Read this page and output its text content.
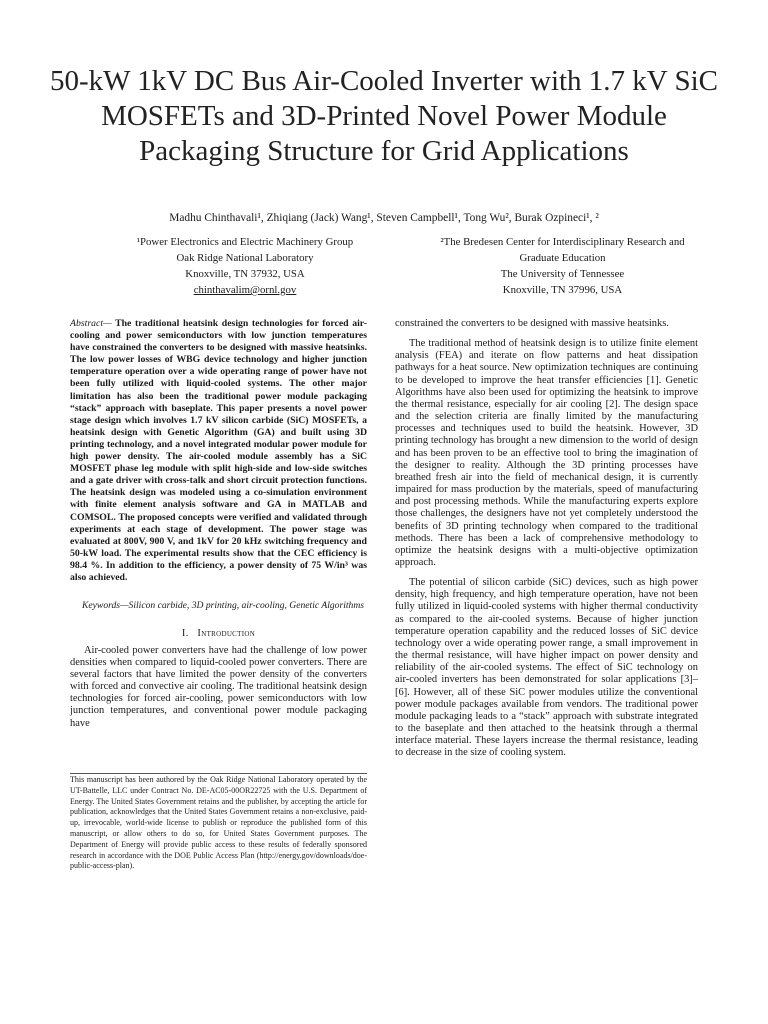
50-kW 1kV DC Bus Air-Cooled Inverter with 1.7 kV SiC MOSFETs and 3D-Printed Novel Power Module Packaging Structure for Grid Applications
Madhu Chinthavali¹, Zhiqiang (Jack) Wang¹, Steven Campbell¹, Tong Wu², Burak Ozpineci¹, ²
¹Power Electronics and Electric Machinery Group
Oak Ridge National Laboratory
Knoxville, TN 37932, USA
chinthavalim@ornl.gov
²The Bredesen Center for Interdisciplinary Research and
Graduate Education
The University of Tennessee
Knoxville, TN 37996, USA

Abstract— The traditional heatsink design technologies for forced air-cooling and power semiconductors with low junction temperatures have constrained the converters to be designed with massive heatsinks. The low power losses of WBG device technology and higher junction temperature operation over a wide operating range of power have not been fully utilized with liquid-cooled systems. The other major limitation has also been the traditional power module packaging “stack” approach with baseplate. This paper presents a novel power stage design which involves 1.7 kV silicon carbide (SiC) MOSFETs, a heatsink design with Genetic Algorithm (GA) and built using 3D printing technology, and a novel integrated modular power module for high power density. The air-cooled module assembly has a SiC MOSFET phase leg module with split high-side and low-side switches and a gate driver with cross-talk and short circuit protection functions. The heatsink design was modeled using a co-simulation environment with finite element analysis software and GA in MATLAB and COMSOL. The proposed concepts were verified and validated through experiments at each stage of development. The power stage was evaluated at 800V, 900 V, and 1kV for 20 kHz switching frequency and 50-kW load. The experimental results show that the CEC efficiency is 98.4 %. In addition to the efficiency, a power density of 75 W/in³ was also achieved.

Keywords—Silicon carbide, 3D printing, air-cooling, Genetic Algorithms
I. Introduction

Air-cooled power converters have had the challenge of low power densities when compared to liquid-cooled power converters. There are several factors that have limited the power density of the converters with forced and convective air cooling. The traditional heatsink design technologies for forced air-cooling, power semiconductors with low junction temperatures, and conventional power module packaging have

This manuscript has been authored by the Oak Ridge National Laboratory operated by the UT-Battelle, LLC under Contract No. DE-AC05-00OR22725 with the U.S. Department of Energy. The United States Government retains and the publisher, by accepting the article for publication, acknowledges that the United States Government retains a non-exclusive, paid-up, irrevocable, world-wide license to publish or reproduce the published form of this manuscript, or allow others to do so, for United States Government purposes. The Department of Energy will provide public access to these results of federally sponsored research in accordance with the DOE Public Access Plan (http://energy.gov/downloads/doe-public-access-plan).

constrained the converters to be designed with massive heatsinks.

The traditional method of heatsink design is to utilize finite element analysis (FEA) and iterate on flow patterns and heat dissipation pathways for a heat source. New optimization techniques are continuing to be developed to improve the heat transfer efficiencies [1]. Genetic Algorithms have also been used for optimizing the heatsink to improve the thermal resistance, especially for air cooling [2]. The design space and the selection criteria are finally limited by the manufacturing processes and techniques used to build the heatsink. However, 3D printing technology has brought a new dimension to the world of design and has been proven to be an effective tool to bring the imagination of the designer to reality. Although the 3D printing processes have breathed fresh air into the field of mechanical design, it is currently impaired for mass production by the materials, speed of manufacturing and post processing methods. While the manufacturing experts explore those challenges, the designers have not yet completely understood the benefits of 3D printing technology when compared to the traditional methods. There has been a lack of comprehensive methodology to optimize the heatsink designs with a multi-objective optimization approach.

The potential of silicon carbide (SiC) devices, such as high power density, high frequency, and high temperature operation, have not been fully utilized in liquid-cooled systems with higher thermal conductivity as compared to the air-cooled systems. Because of higher junction temperature operation capability and the reduced losses of SiC device technology over a wide operating power range, a small improvement in the thermal resistance, will have higher impact on power density and reliability of the air-cooled systems. The effect of SiC technology on air-cooled inverters has been demonstrated for solar applications [3]–[6]. However, all of these SiC power modules utilize the conventional power module packages available from vendors. The traditional power module packaging leads to a “stack” approach with substrate integrated to the baseplate and then attached to the heatsink through a thermal interface material. These layers increase the thermal resistance, leading to decrease in the size of cooling system.
